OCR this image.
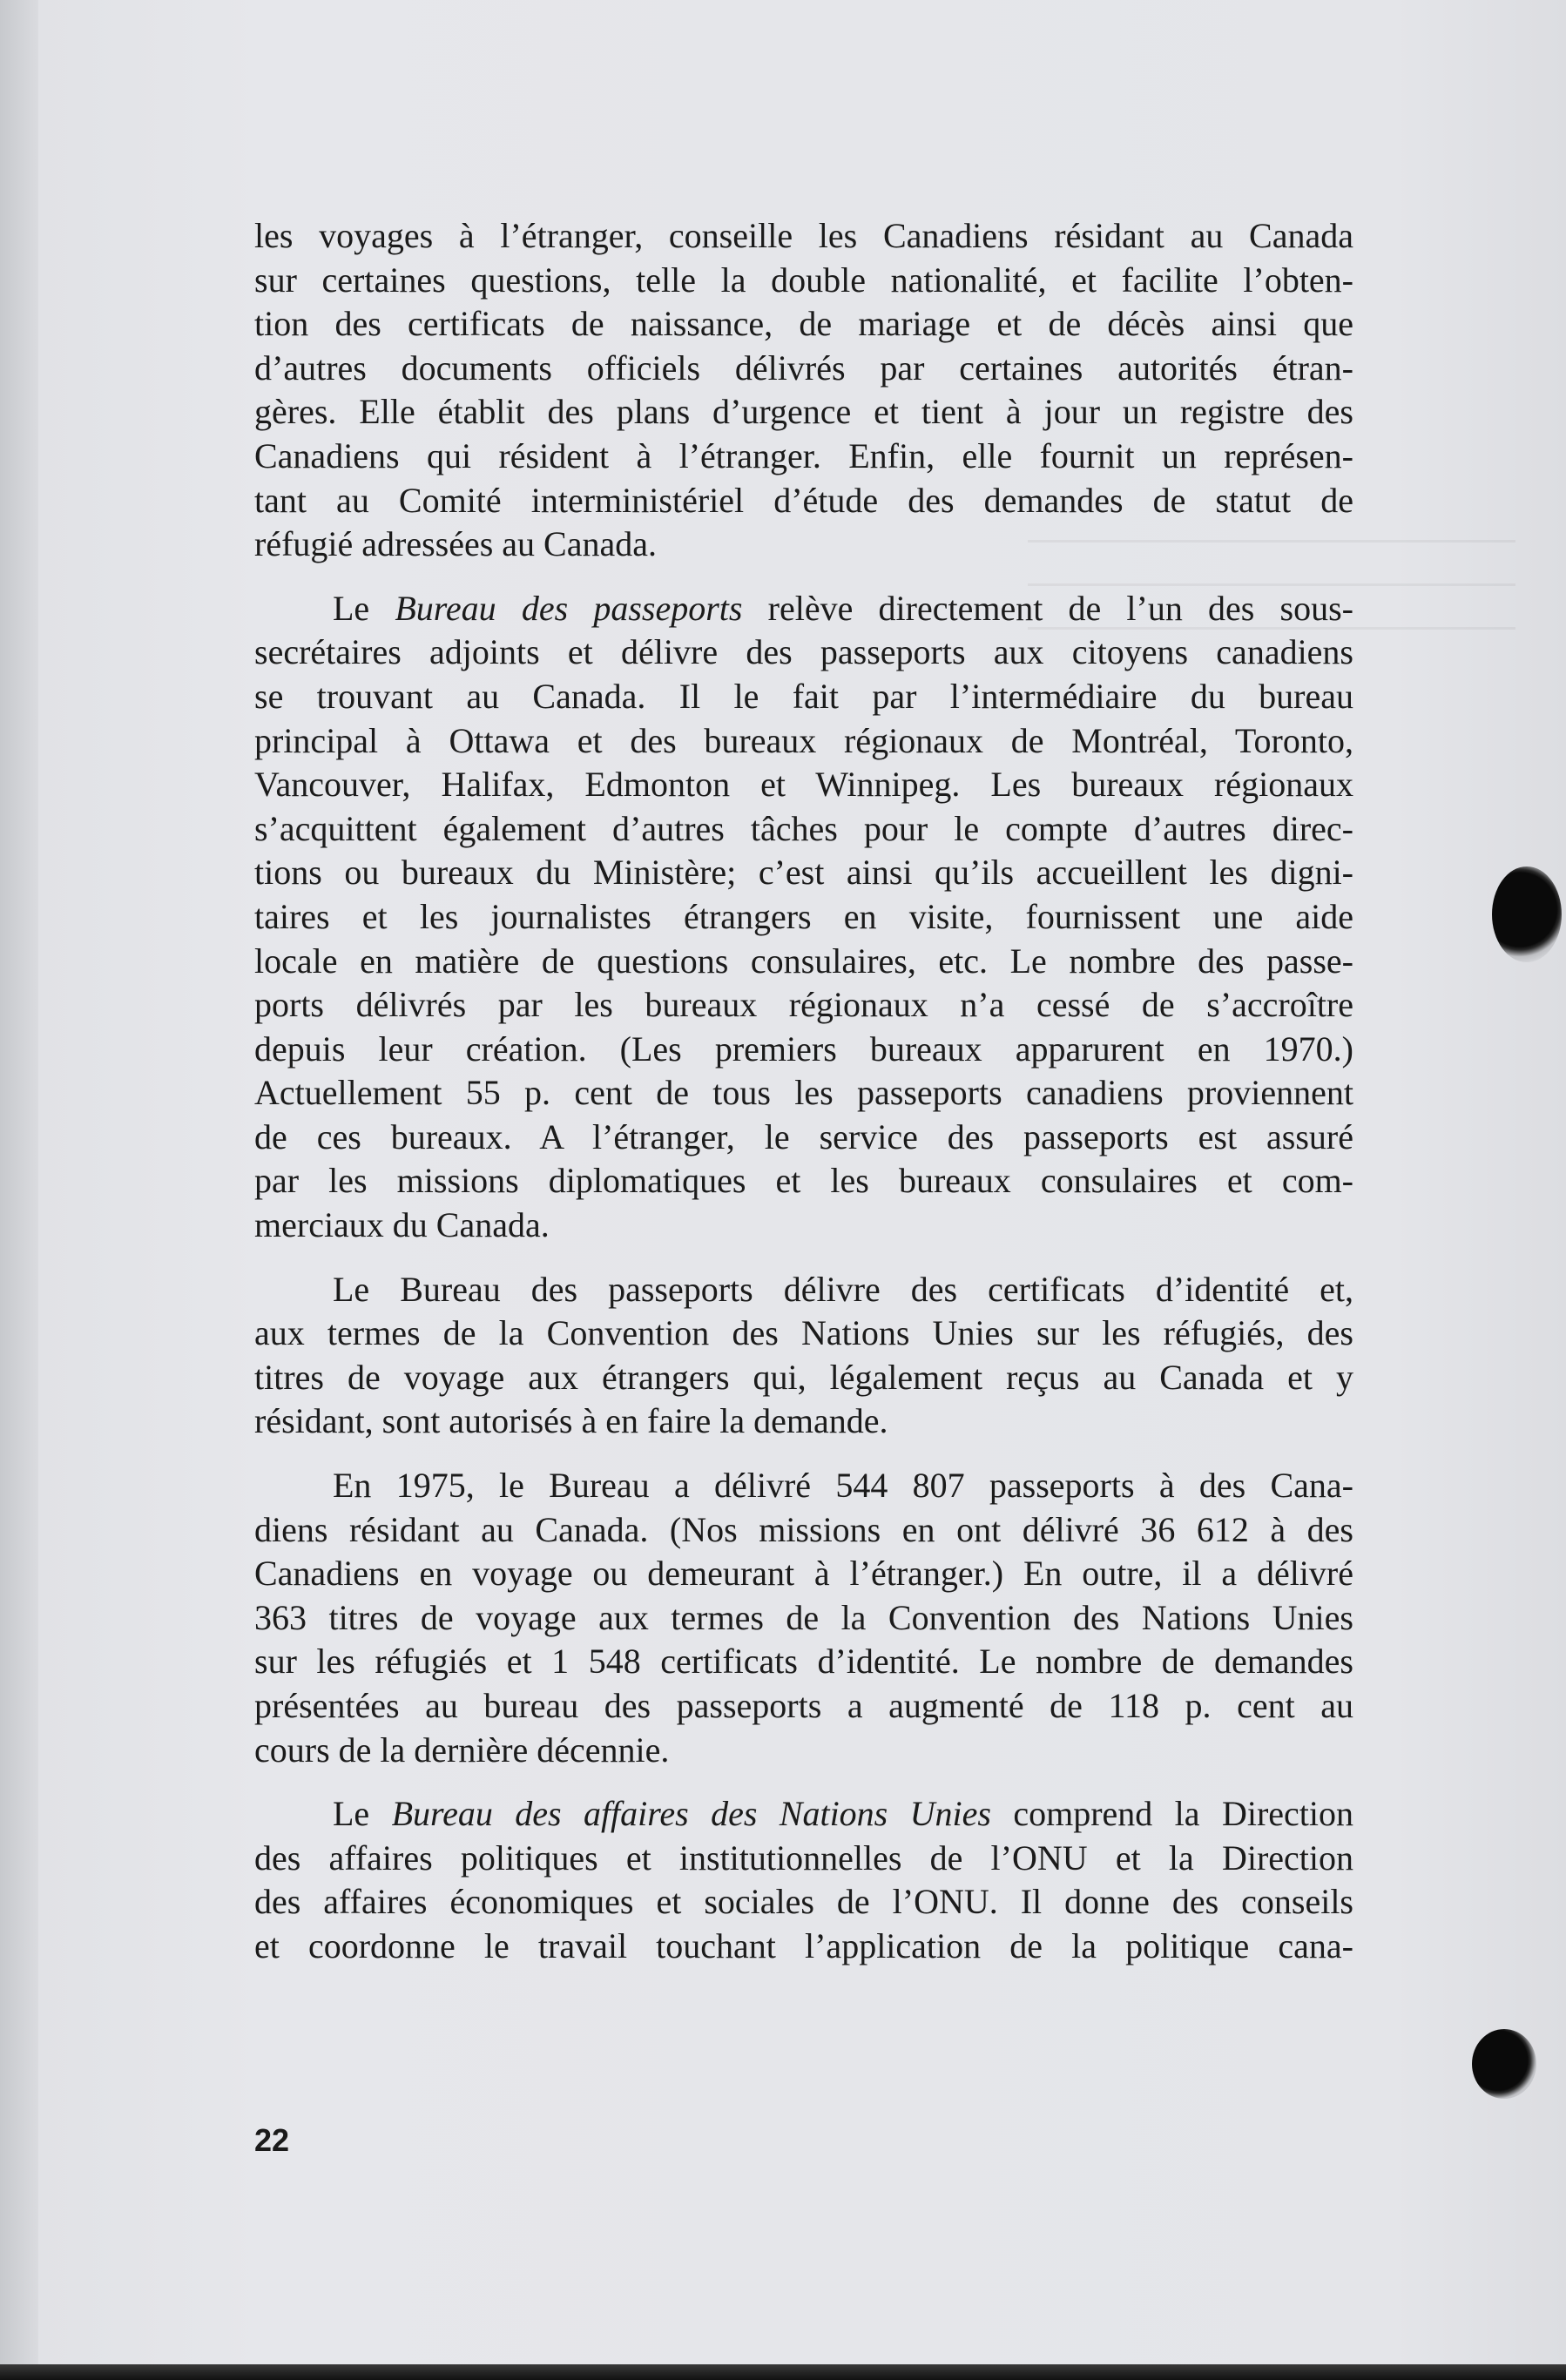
les voyages à l’étranger, conseille les Canadiens résidant au Canada
sur certaines questions, telle la double nationalité, et facilite l’obten-
tion des certificats de naissance, de mariage et de décès ainsi que
d’autres documents officiels délivrés par certaines autorités étran-
gères. Elle établit des plans d’urgence et tient à jour un registre des
Canadiens qui résident à l’étranger. Enfin, elle fournit un représen-
tant au Comité interministériel d’étude des demandes de statut de
réfugié adressées au Canada.

Le Bureau des passeports relève directement de l’un des sous-
secrétaires adjoints et délivre des passeports aux citoyens canadiens
se trouvant au Canada. Il le fait par l’intermédiaire du bureau
principal à Ottawa et des bureaux régionaux de Montréal, Toronto,
Vancouver, Halifax, Edmonton et Winnipeg. Les bureaux régionaux
s’acquittent également d’autres tâches pour le compte d’autres direc-
tions ou bureaux du Ministère; c’est ainsi qu’ils accueillent les digni-
taires et les journalistes étrangers en visite, fournissent une aide
locale en matière de questions consulaires, etc. Le nombre des passe-
ports délivrés par les bureaux régionaux n’a cessé de s’accroître
depuis leur création. (Les premiers bureaux apparurent en 1970.)
Actuellement 55 p. cent de tous les passeports canadiens proviennent
de ces bureaux. A l’étranger, le service des passeports est assuré
par les missions diplomatiques et les bureaux consulaires et com-
merciaux du Canada.

Le Bureau des passeports délivre des certificats d’identité et,
aux termes de la Convention des Nations Unies sur les réfugiés, des
titres de voyage aux étrangers qui, légalement reçus au Canada et y
résidant, sont autorisés à en faire la demande.

En 1975, le Bureau a délivré 544 807 passeports à des Cana-
diens résidant au Canada. (Nos missions en ont délivré 36 612 à des
Canadiens en voyage ou demeurant à l’étranger.) En outre, il a délivré
363 titres de voyage aux termes de la Convention des Nations Unies
sur les réfugiés et 1 548 certificats d’identité. Le nombre de demandes
présentées au bureau des passeports a augmenté de 118 p. cent au
cours de la dernière décennie.

Le Bureau des affaires des Nations Unies comprend la Direction
des affaires politiques et institutionnelles de l’ONU et la Direction
des affaires économiques et sociales de l’ONU. Il donne des conseils
et coordonne le travail touchant l’application de la politique cana-

22
